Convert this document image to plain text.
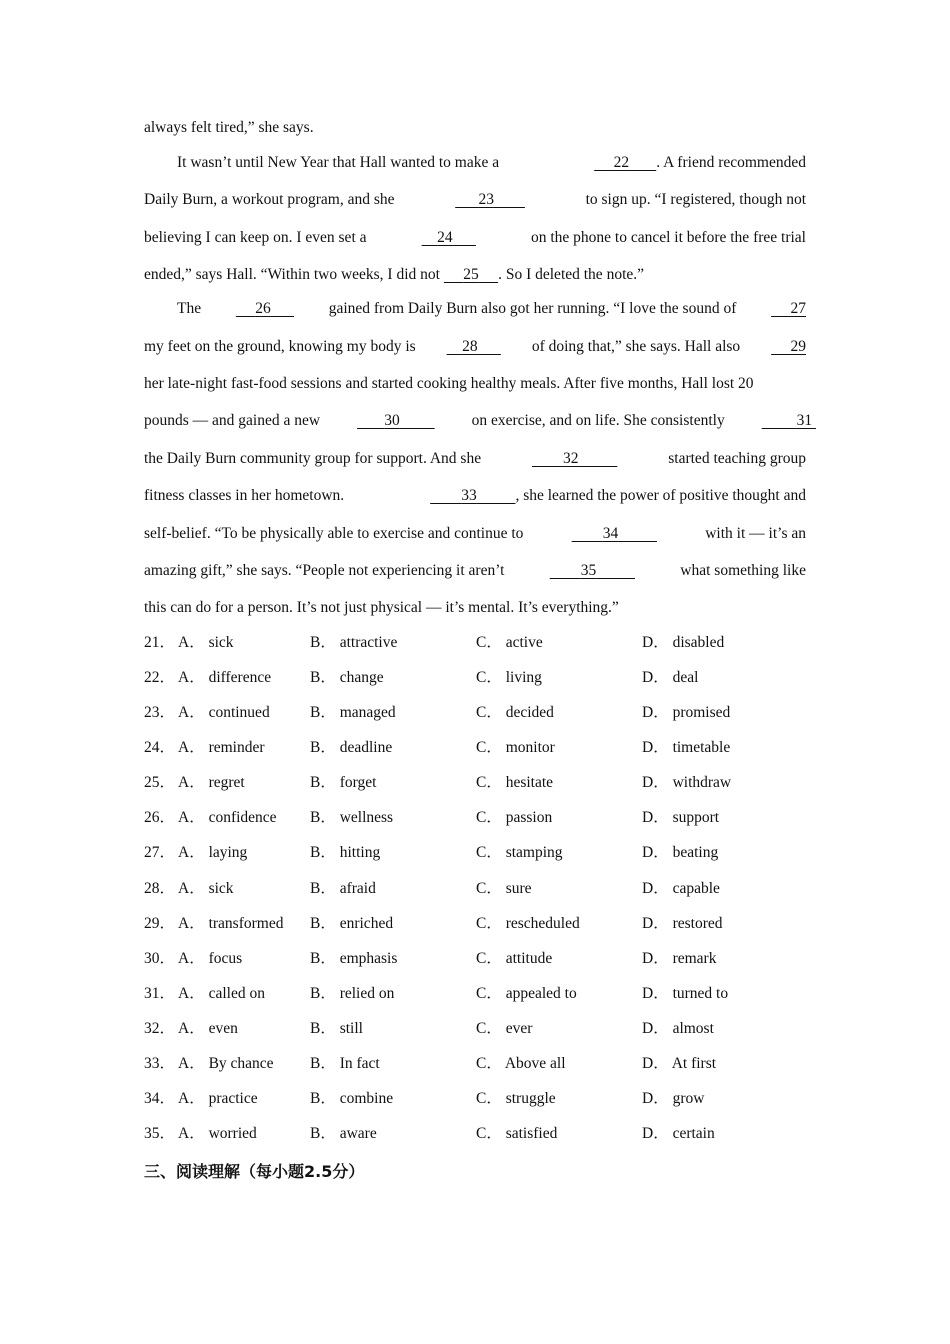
always felt tired,” she says.
It wasn’t until New Year that Hall wanted to make a	22 . A friend recommended
Daily Burn, a workout program, and she	23	to sign up. “I registered, though not
believing I can keep on. I even set a	24	on the phone to cancel it before the free trial
ended,” says Hall. “Within two weeks, I did not 25 . So I deleted the note.”
The	26	gained from Daily Burn also got her running. “I love the sound of	27
my feet on the ground, knowing my body is	28	of doing that,” she says. Hall also	29
her late-night fast-food sessions and started cooking healthy meals. After five months, Hall lost 20
pounds — and gained a new	30	on exercise, and on life. She consistently	31
the Daily Burn community group for support. And she	32	started teaching group
fitness classes in her hometown.	33	, she learned the power of positive thought and
self-belief. “To be physically able to exercise and continue to	34	with it — it’s an
amazing gift,” she says. “People not experiencing it aren’t	35	what something like
this can do for a person. It’s not just physical — it’s mental. It’s everything.”
21． A． sick	B． attractive	C． active	D． disabled
22． A． difference	B． change	C． living	D． deal
23． A． continued	B． managed	C． decided	D． promised
24． A． reminder	B． deadline	C． monitor	D． timetable
25． A． regret	B． forget	C． hesitate	D． withdraw
26． A． confidence B． wellness	C． passion	D． support
27． A． laying	B． hitting	C． stamping	D． beating
28． A． sick	B． afraid	C． sure	D． capable
29． A． transformed B． enriched	C． rescheduled	D． restored
30． A． focus	B． emphasis	C． attitude	D． remark
31． A． called on	B． relied on	C． appealed to	D． turned to
32． A． even	B． still	C． ever	D． almost
33． A． By chance B． In fact	C． Above all	D． At first
34． A． practice	B． combine	C． struggle	D． grow
35． A． worried	B． aware	C． satisfied	D． certain
三、阅读理解（每小题2.5分）
